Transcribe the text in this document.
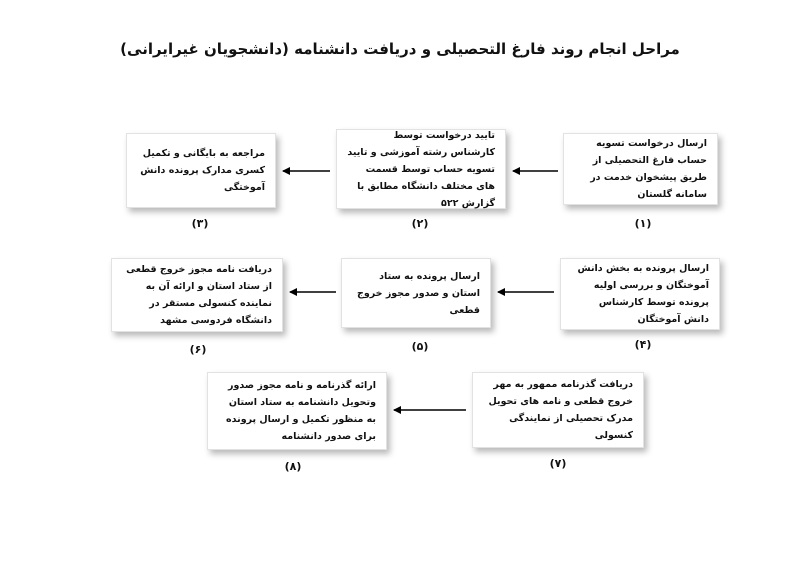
مراحل انجام روند فارغ التحصیلی و دریافت دانشنامه (دانشجویان غیرایرانی)
ارسال درخواست تسویه حساب فارغ التحصیلی از طریق پیشخوان خدمت در سامانه گلستان
تایید درخواست توسط کارشناس رشته آموزشی و تایید تسویه حساب توسط قسمت های مختلف دانشگاه مطابق با گزارش ۵۲۲
مراجعه به بایگانی و تکمیل کسری مدارک پرونده دانش آموختگی
(۱)
(۲)
(۳)
ارسال پرونده به بخش دانش آموختگان و بررسی اولیه پرونده توسط کارشناس دانش آموختگان
ارسال پرونده به ستاد استان و صدور مجوز خروج قطعی
دریافت نامه مجوز خروج قطعی از ستاد استان و ارائه آن به نماینده کنسولی مستقر در دانشگاه فردوسی مشهد
(۴)
(۵)
(۶)
دریافت گذرنامه ممهور به مهر خروج قطعی و نامه های تحویل مدرک تحصیلی از نمایندگی کنسولی
ارائه گذرنامه و نامه مجوز صدور وتحویل دانشنامه به ستاد استان به منظور تکمیل و ارسال پرونده برای صدور دانشنامه
(۷)
(۸)
